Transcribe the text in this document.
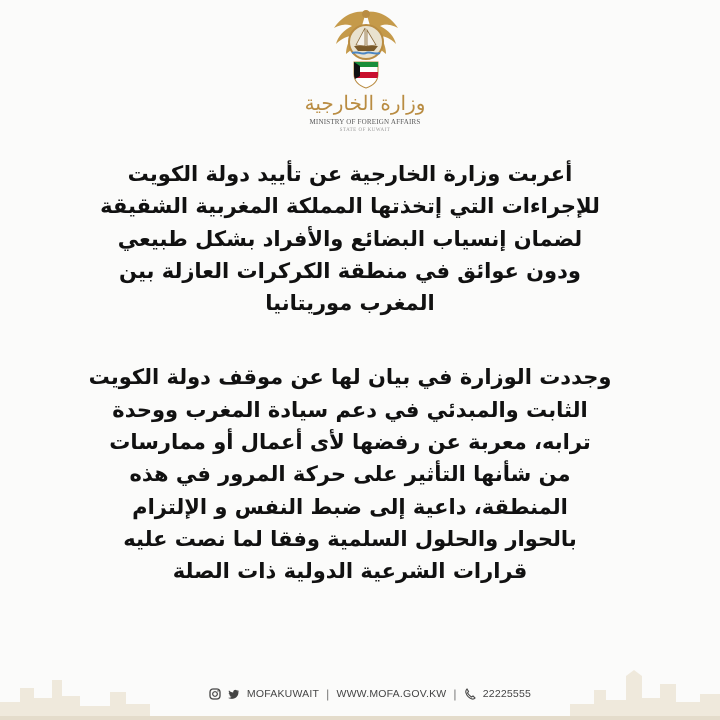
وزارة الخارجية
MINISTRY OF FOREIGN AFFAIRS
STATE OF KUWAIT
أعربت وزارة الخارجية عن تأييد دولة الكويت
للإجراءات التي إتخذتها المملكة المغربية الشقيقة
لضمان إنسياب البضائع والأفراد بشكل طبيعي
ودون عوائق في منطقة الكركرات العازلة بين
المغرب موريتانيا
وجددت الوزارة في بيان لها عن موقف دولة الكويت
الثابت والمبدئي في دعم سيادة المغرب ووحدة
ترابه، معربة عن رفضها لأى أعمال أو ممارسات
من شأنها التأثير على حركة المرور في هذه
المنطقة، داعية إلى ضبط النفس و الإلتزام
بالحوار والحلول السلمية وفقا لما نصت عليه
قرارات الشرعية الدولية ذات الصلة
MOFAKUWAIT | WWW.MOFA.GOV.KW | 22225555
